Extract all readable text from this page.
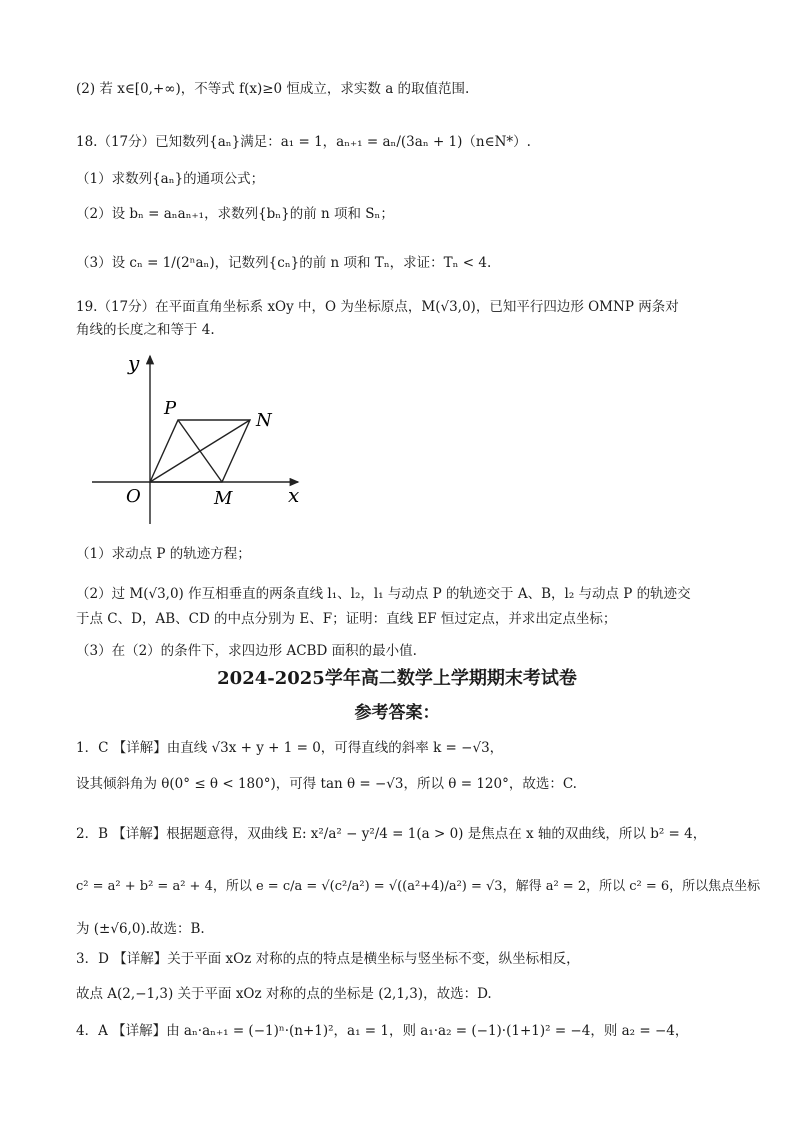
(2) 若 x∈[0,+∞)，不等式 f(x)≥0 恒成立，求实数 a 的取值范围.
18.（17分）已知数列{aₙ}满足：a₁ = 1，aₙ₊₁ = aₙ/(3aₙ + 1)（n∈N*）.
（1）求数列{aₙ}的通项公式；
（2）设 bₙ = aₙaₙ₊₁，求数列{bₙ}的前 n 项和 Sₙ；
（3）设 cₙ = 1/(2ⁿaₙ)，记数列{cₙ}的前 n 项和 Tₙ，求证：Tₙ < 4.
19.（17分）在平面直角坐标系 xOy 中，O 为坐标原点，M(√3,0)，已知平行四边形 OMNP 两条对
角线的长度之和等于 4.
y
x
O	M
P
N
（1）求动点 P 的轨迹方程；
（2）过 M(√3,0) 作互相垂直的两条直线 l₁、l₂，l₁ 与动点 P 的轨迹交于 A、B，l₂ 与动点 P 的轨迹交
于点 C、D，AB、CD 的中点分别为 E、F；证明：直线 EF 恒过定点，并求出定点坐标；
（3）在（2）的条件下，求四边形 ACBD 面积的最小值.
2024-2025学年高二数学上学期期末考试卷
参考答案：
1．C 【详解】由直线 √3x + y + 1 = 0，可得直线的斜率 k = −√3，
设其倾斜角为 θ(0° ≤ θ < 180°)，可得 tan θ = −√3，所以 θ = 120°，故选：C.
2．B 【详解】根据题意得，双曲线 E: x²/a² − y²/4 = 1(a > 0) 是焦点在 x 轴的双曲线，所以 b² = 4，
c² = a² + b² = a² + 4，所以 e = c/a = √(c²/a²) = √((a²+4)/a²) = √3，解得 a² = 2，所以 c² = 6，所以焦点坐标
为 (±√6,0).故选：B.
3．D 【详解】关于平面 xOz 对称的点的特点是横坐标与竖坐标不变，纵坐标相反，
故点 A(2,−1,3) 关于平面 xOz 对称的点的坐标是 (2,1,3)，故选：D.
4．A 【详解】由 aₙ·aₙ₊₁ = (−1)ⁿ·(n+1)²，a₁ = 1，则 a₁·a₂ = (−1)·(1+1)² = −4，则 a₂ = −4，
